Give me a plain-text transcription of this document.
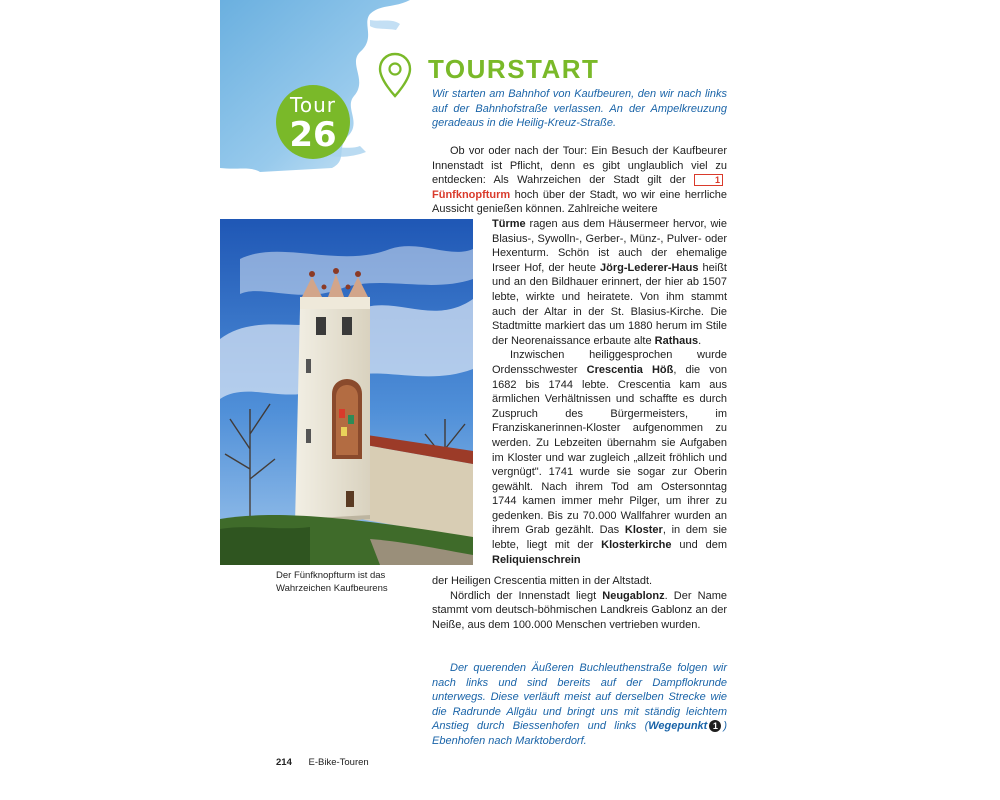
Tour
26
TOURSTART
Wir starten am Bahnhof von Kaufbeuren, den wir nach links auf der Bahnhofstraße verlassen. An der Ampelkreuzung geradeaus in die Heilig-Kreuz-Straße.

Ob vor oder nach der Tour: Ein Besuch der Kaufbeurer Innenstadt ist Pflicht, denn es gibt unglaublich viel zu entdecken: Als Wahrzeichen der Stadt gilt der	1Fünfknopfturm hoch über der Stadt, wo wir eine herrliche Aussicht genießen können. Zahlreiche weitere

Der Fünfknopfturm ist das Wahrzeichen Kaufbeurens

Türme ragen aus dem Häusermeer hervor, wie Blasius-, Sywolln-, Gerber-, Münz-, Pulver- oder Hexenturm. Schön ist auch der ehemalige Irseer Hof, der heute Jörg-Lederer-Haus heißt und an den Bildhauer erinnert, der hier ab 1507 lebte, wirkte und heiratete. Von ihm stammt auch der Altar in der St. Blasius-Kirche. Die Stadtmitte markiert das um 1880 herum im Stile der Neorenaissance erbaute alte Rathaus.

Inzwischen heiliggesprochen wurde Ordensschwester Crescentia Höß, die von 1682 bis 1744 lebte. Crescentia kam aus ärmlichen Verhältnissen und schaffte es durch Zuspruch des Bürgermeisters, im Franziskanerinnen-Kloster aufgenommen zu werden. Zu Lebzeiten übernahm sie Aufgaben im Kloster und war zugleich „allzeit fröhlich und vergnügt". 1741 wurde sie sogar zur Oberin gewählt. Nach ihrem Tod am Ostersonntag 1744 kamen immer mehr Pilger, um ihrer zu gedenken. Bis zu 70.000 Wallfahrer wurden an ihrem Grab gezählt. Das Kloster, in dem sie lebte, liegt mit der Klosterkirche und dem Reliquienschrein

der Heiligen Crescentia mitten in der Altstadt.

Nördlich der Innenstadt liegt Neugablonz. Der Name stammt vom deutsch-böhmischen Landkreis Gablonz an der Neiße, aus dem 100.000 Menschen vertrieben wurden.

Der querenden Äußeren Buchleuthenstraße folgen wir nach links und sind bereits auf der Dampflokrunde unterwegs. Diese verläuft meist auf derselben Strecke wie die Radrunde Allgäu und bringt uns mit ständig leichtem Anstieg durch Biessenhofen und links (Wegepunkt 1 ) Ebenhofen nach Marktoberdorf.
214 E-Bike-Touren
